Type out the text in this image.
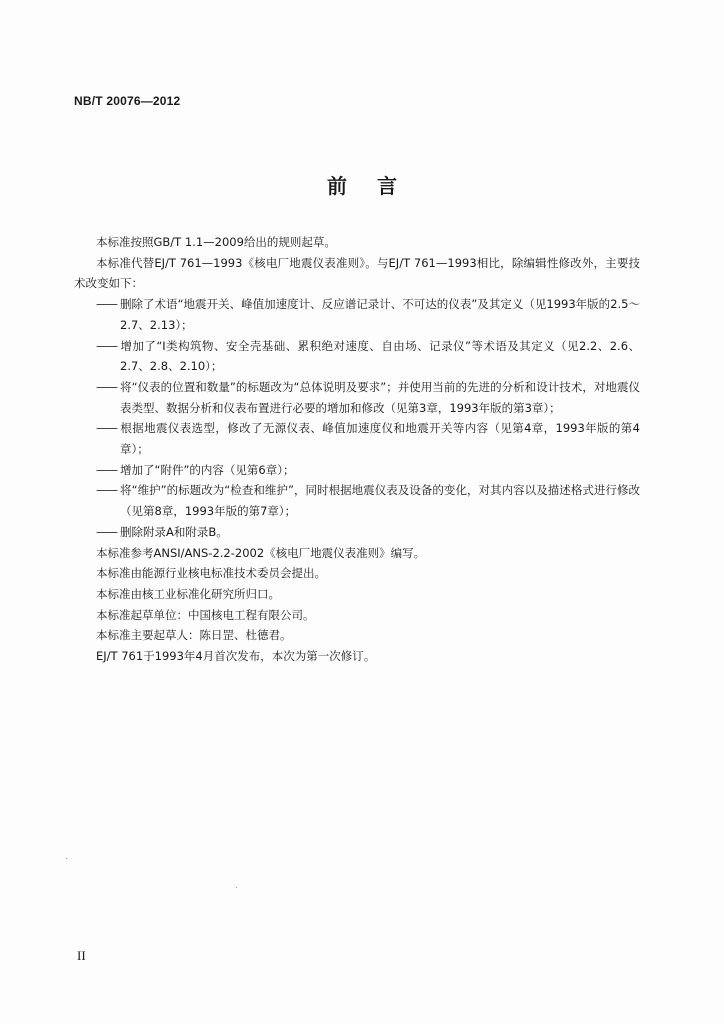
NB/T 20076—2012
前言

本标准按照GB/T 1.1—2009给出的规则起草。

本标准代替EJ/T 761—1993《核电厂地震仪表准则》。与EJ/T 761—1993相比，除编辑性修改外，主要技术改变如下：

—— 删除了术语“地震开关、峰值加速度计、反应谱记录计、不可达的仪表”及其定义（见1993年版的2.5～2.7、2.13）；

—— 增加了“I类构筑物、安全壳基础、累积绝对速度、自由场、记录仪”等术语及其定义（见2.2、2.6、2.7、2.8、2.10）；

—— 将“仪表的位置和数量”的标题改为“总体说明及要求”；并使用当前的先进的分析和设计技术，对地震仪表类型、数据分析和仪表布置进行必要的增加和修改（见第3章，1993年版的第3章）；

—— 根据地震仪表选型，修改了无源仪表、峰值加速度仪和地震开关等内容（见第4章，1993年版的第4章）；

—— 增加了“附件”的内容（见第6章）；

—— 将“维护”的标题改为“检查和维护”，同时根据地震仪表及设备的变化，对其内容以及描述格式进行修改（见第8章，1993年版的第7章）；

—— 删除附录A和附录B。

本标准参考ANSI/ANS-2.2-2002《核电厂地震仪表准则》编写。

本标准由能源行业核电标准技术委员会提出。

本标准由核工业标准化研究所归口。

本标准起草单位：中国核电工程有限公司。

本标准主要起草人：陈日罡、杜德君。

EJ/T 761于1993年4月首次发布，本次为第一次修订。

II
